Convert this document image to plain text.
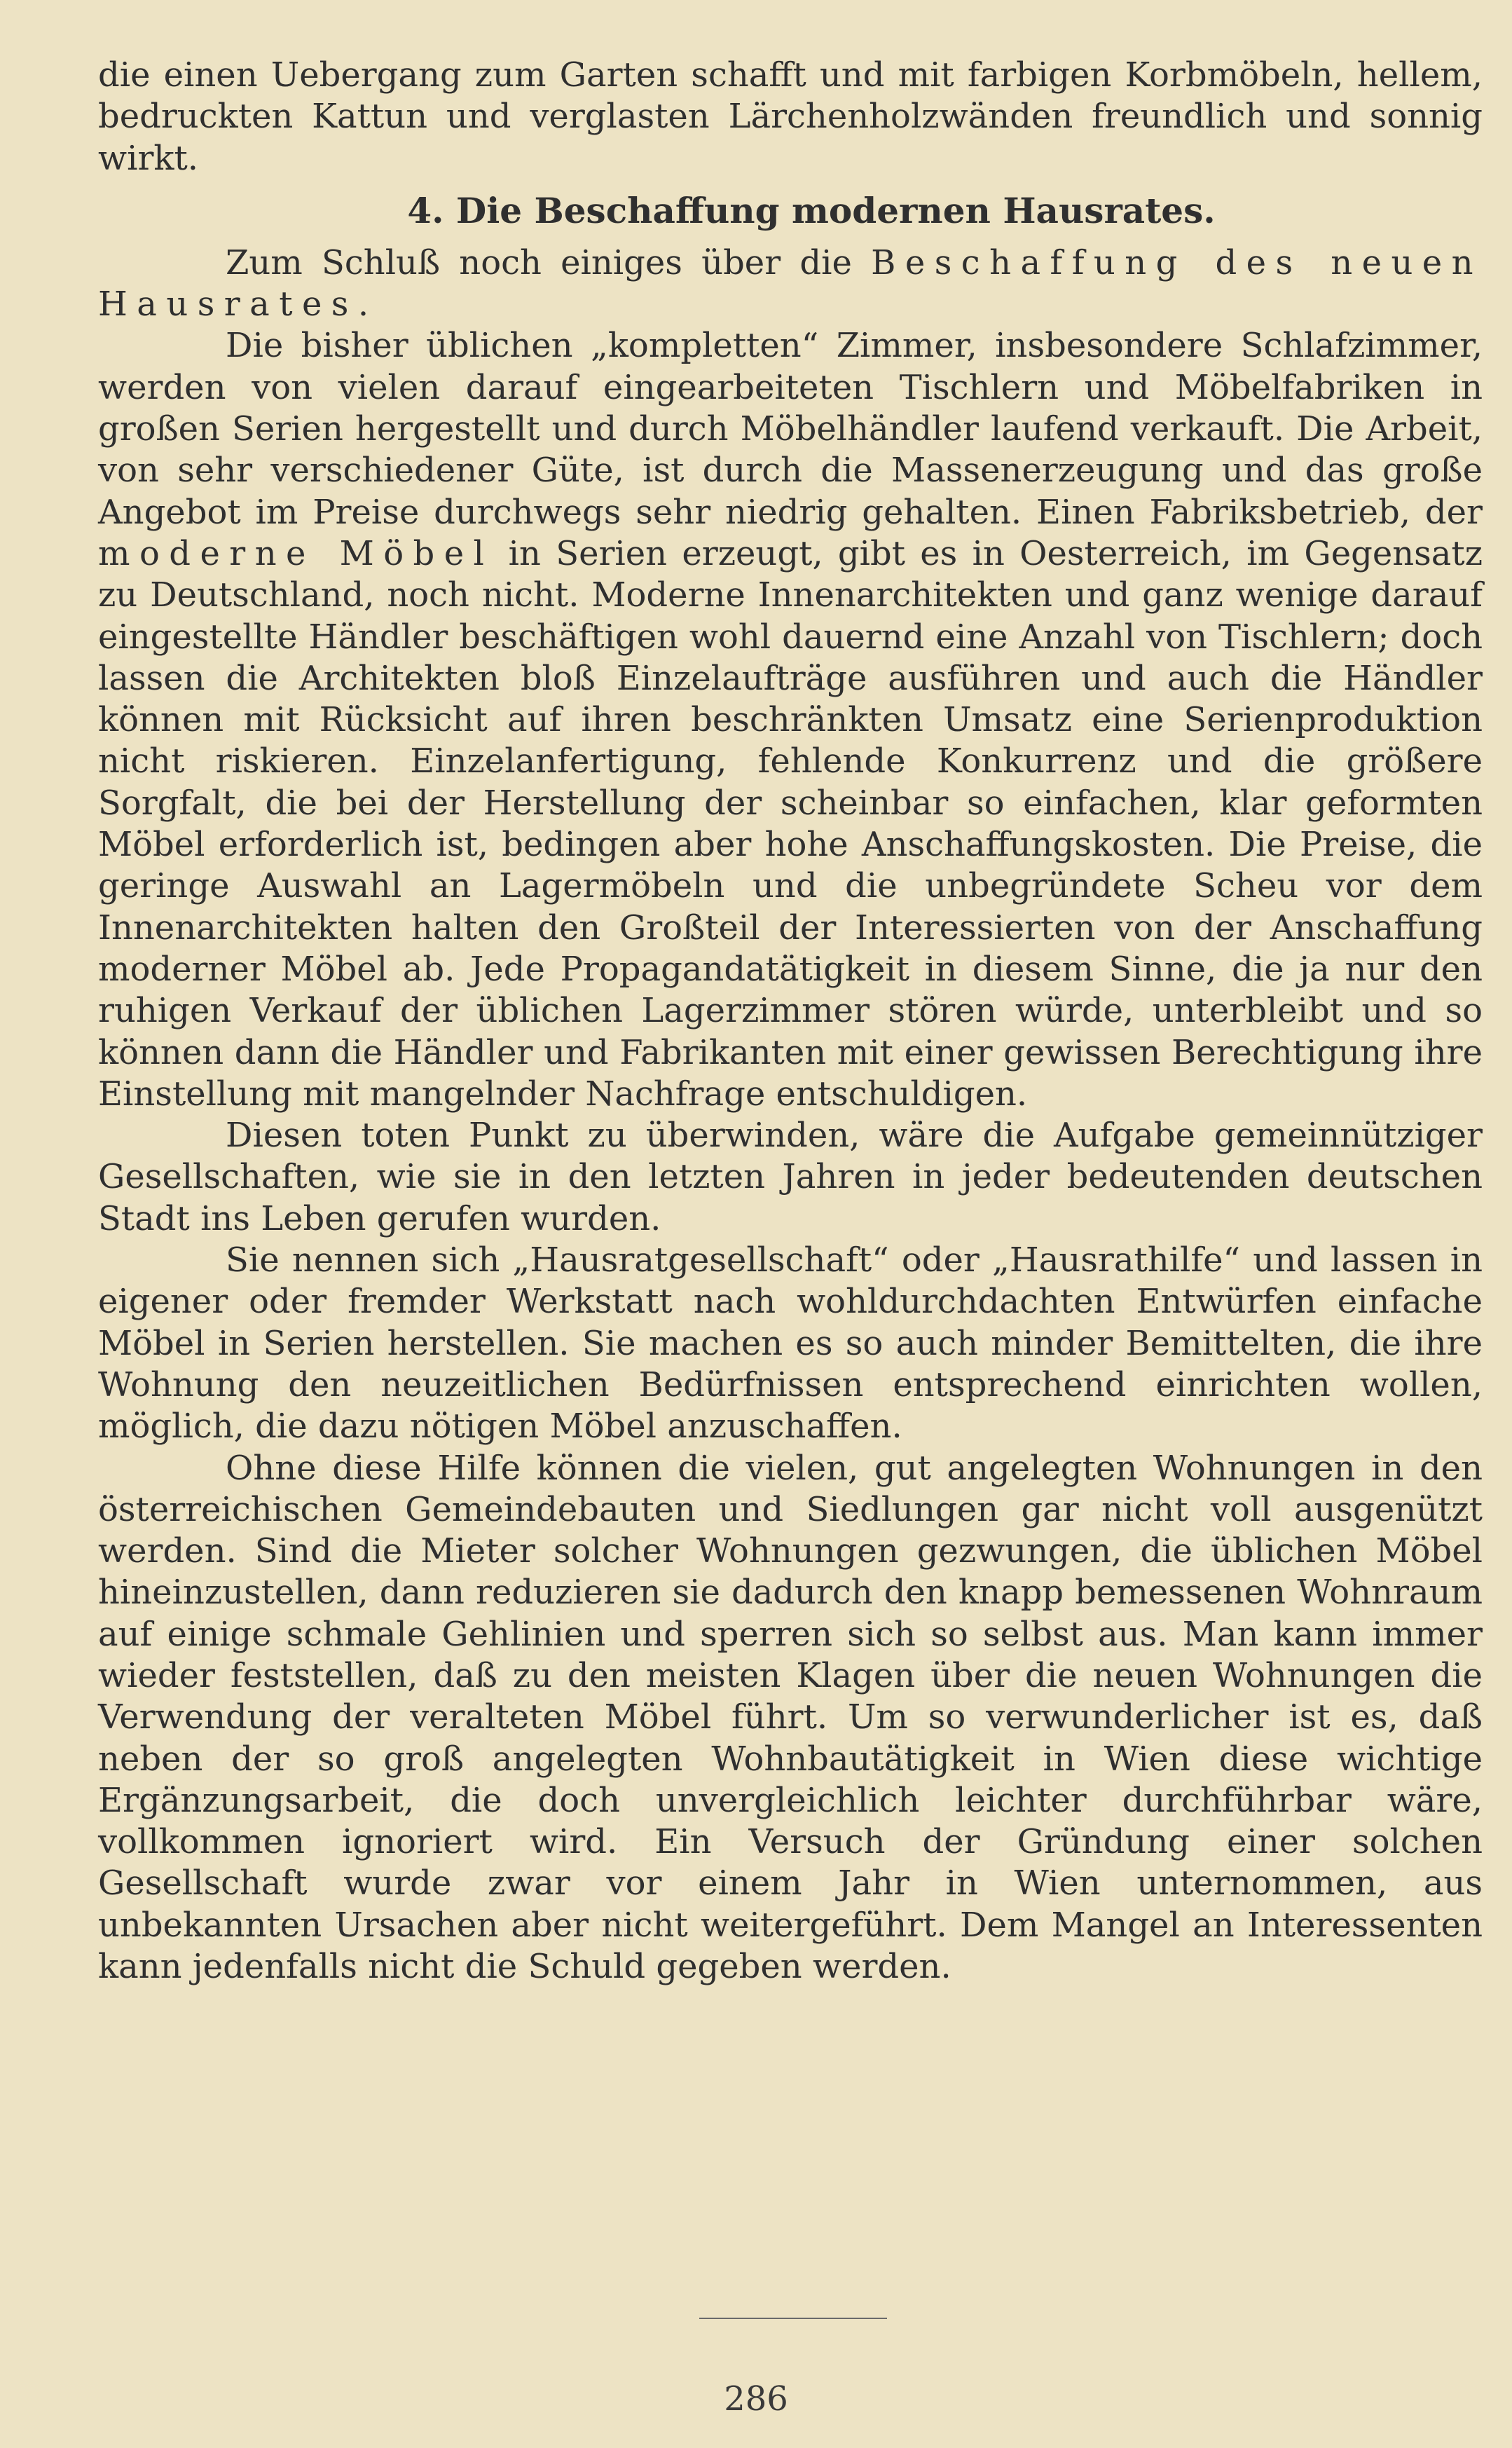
die einen Uebergang zum Garten schafft und mit farbigen Korbmöbeln, hellem, bedruckten Kattun und verglasten Lärchenholzwänden freundlich und sonnig wirkt.

4. Die Beschaffung modernen Hausrates.

Zum Schluß noch einiges über die Beschaffung des neuen Hausrates.

Die bisher üblichen „kompletten“ Zimmer, insbesondere Schlafzimmer, werden von vielen darauf eingearbeiteten Tischlern und Möbelfabriken in großen Serien hergestellt und durch Möbelhändler laufend verkauft. Die Arbeit, von sehr verschiedener Güte, ist durch die Massenerzeugung und das große Angebot im Preise durchwegs sehr niedrig gehalten. Einen Fabriksbetrieb, der moderne Möbel in Serien erzeugt, gibt es in Oesterreich, im Gegensatz zu Deutschland, noch nicht. Moderne Innenarchitekten und ganz wenige darauf eingestellte Händler beschäftigen wohl dauernd eine Anzahl von Tischlern; doch lassen die Architekten bloß Einzelaufträge ausführen und auch die Händler können mit Rücksicht auf ihren beschränkten Umsatz eine Serienproduktion nicht riskieren. Einzelanfertigung, fehlende Konkurrenz und die größere Sorgfalt, die bei der Herstellung der scheinbar so einfachen, klar geformten Möbel erforderlich ist, bedingen aber hohe Anschaffungskosten. Die Preise, die geringe Auswahl an Lagermöbeln und die unbegründete Scheu vor dem Innenarchitekten halten den Großteil der Interessierten von der Anschaffung moderner Möbel ab. Jede Propagandatätigkeit in diesem Sinne, die ja nur den ruhigen Verkauf der üblichen Lagerzimmer stören würde, unterbleibt und so können dann die Händler und Fabrikanten mit einer gewissen Berechtigung ihre Einstellung mit mangelnder Nachfrage entschuldigen.

Diesen toten Punkt zu überwinden, wäre die Aufgabe gemeinnütziger Gesellschaften, wie sie in den letzten Jahren in jeder bedeutenden deutschen Stadt ins Leben gerufen wurden.

Sie nennen sich „Hausratgesellschaft“ oder „Hausrathilfe“ und lassen in eigener oder fremder Werkstatt nach wohldurchdachten Entwürfen einfache Möbel in Serien herstellen. Sie machen es so auch minder Bemittelten, die ihre Wohnung den neuzeitlichen Bedürfnissen entsprechend einrichten wollen, möglich, die dazu nötigen Möbel anzuschaffen.

Ohne diese Hilfe können die vielen, gut angelegten Wohnungen in den österreichischen Gemeindebauten und Siedlungen gar nicht voll ausgenützt werden. Sind die Mieter solcher Wohnungen gezwungen, die üblichen Möbel hineinzustellen, dann reduzieren sie dadurch den knapp bemessenen Wohnraum auf einige schmale Gehlinien und sperren sich so selbst aus. Man kann immer wieder feststellen, daß zu den meisten Klagen über die neuen Wohnungen die Verwendung der veralteten Möbel führt. Um so verwunderlicher ist es, daß neben der so groß angelegten Wohnbautätigkeit in Wien diese wichtige Ergänzungsarbeit, die doch unvergleichlich leichter durchführbar wäre, vollkommen ignoriert wird. Ein Versuch der Gründung einer solchen Gesellschaft wurde zwar vor einem Jahr in Wien unternommen, aus unbekannten Ursachen aber nicht weitergeführt. Dem Mangel an Interessenten kann jedenfalls nicht die Schuld gegeben werden.

286
